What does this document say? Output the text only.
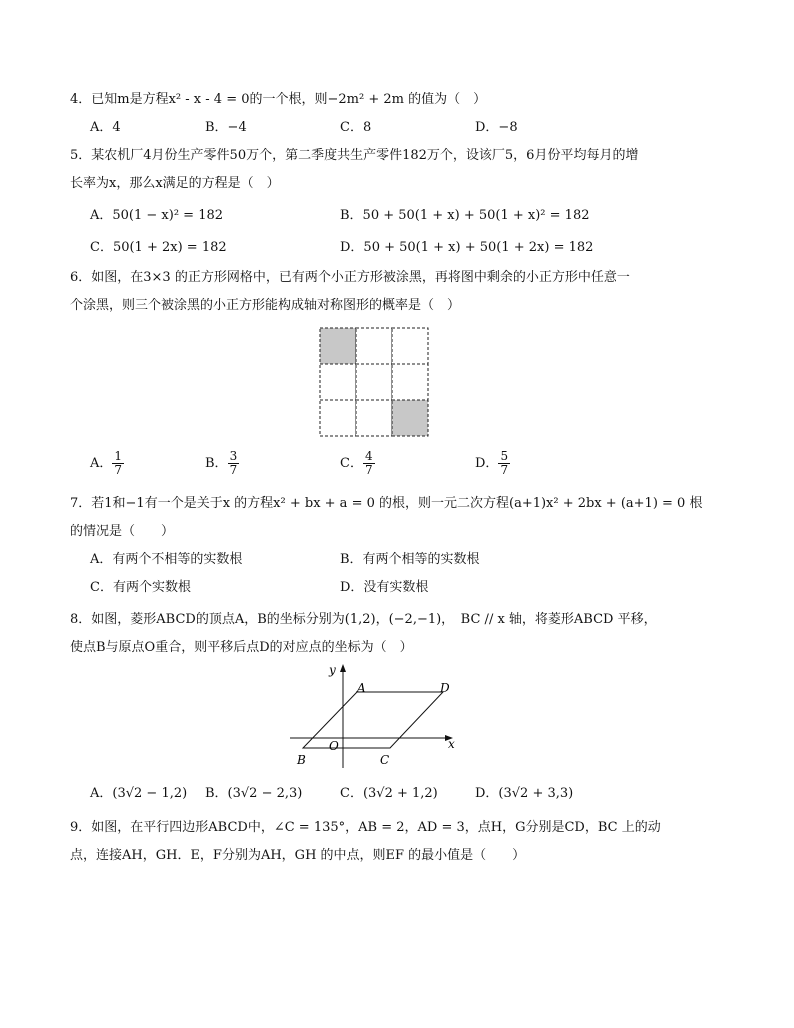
4．已知m是方程x² - x - 4 = 0的一个根，则−2m² + 2m 的值为（　）
A．4	B．−4	C．8	D．−8
5．某农机厂4月份生产零件50万个，第二季度共生产零件182万个，设该厂5，6月份平均每月的增
长率为x，那么x满足的方程是（　）
A．50(1 − x)² = 182	B．50 + 50(1 + x) + 50(1 + x)² = 182
C．50(1 + 2x) = 182	D．50 + 50(1 + x) + 50(1 + 2x) = 182
6．如图，在3×3 的正方形网格中，已有两个小正方形被涂黑，再将图中剩余的小正方形中任意一
个涂黑，则三个被涂黑的小正方形能构成轴对称图形的概率是（　）
A． $\frac{1}{7}$	B． $\frac{3}{7}$	C． $\frac{4}{7}$	D． $\frac{5}{7}$
7．若1和−1有一个是关于x 的方程x² + bx + a = 0 的根，则一元二次方程(a+1)x² + 2bx + (a+1) = 0 根
的情况是（　　）
A．有两个不相等的实数根	B．有两个相等的实数根
C．有两个实数根	D．没有实数根
8．如图，菱形ABCD的顶点A，B的坐标分别为(1,2)，(−2,−1)，　BC // x 轴，将菱形ABCD 平移，
使点B与原点O重合，则平移后点D的对应点的坐标为（　）
y
x
O
A	D
B	C
A．(3√2 − 1,2) B．(3√2 − 2,3)	C．(3√2 + 1,2)	D．(3√2 + 3,3)
9．如图，在平行四边形ABCD中，∠C = 135°，AB = 2，AD = 3，点H，G分别是CD，BC 上的动
点，连接AH，GH．E，F分别为AH，GH 的中点，则EF 的最小值是（　　）
